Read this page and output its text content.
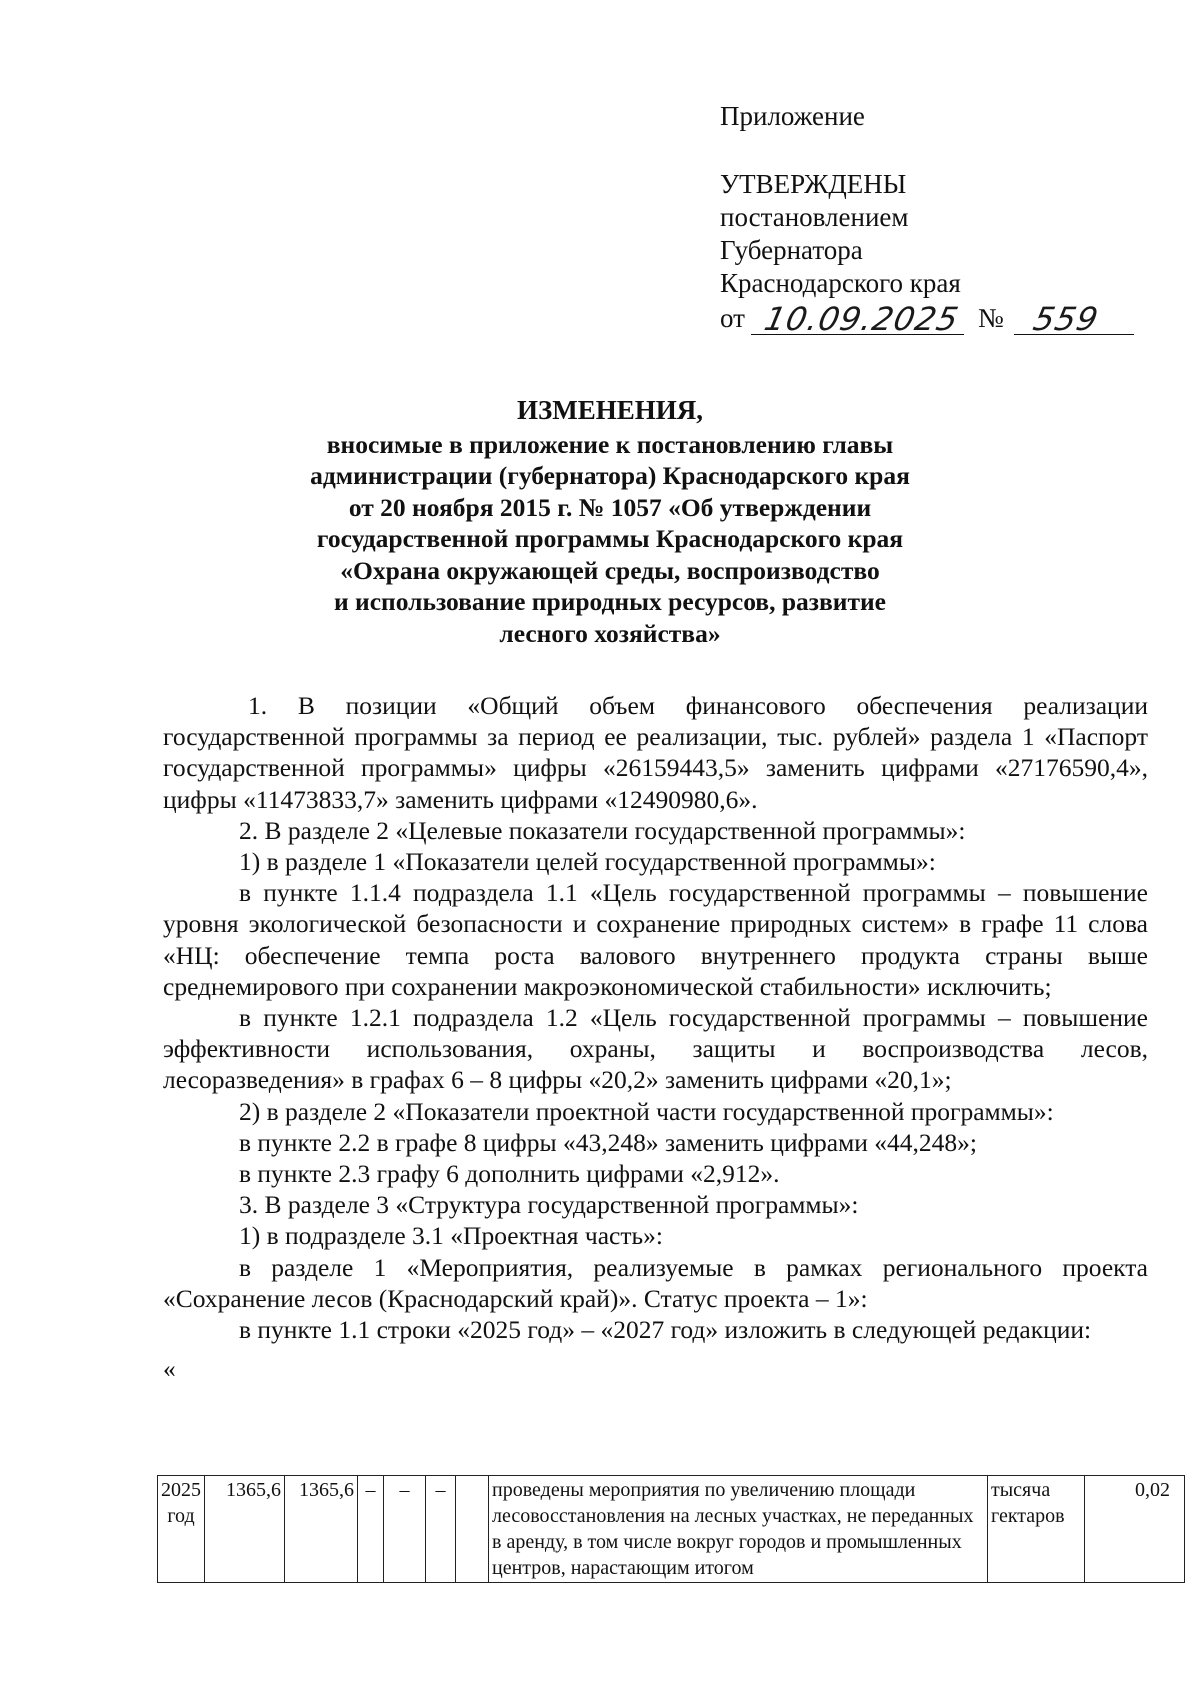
Приложение
УТВЕРЖДЕНЫ
постановлением
Губернатора
Краснодарского края
от 10.09.2025 № 559
ИЗМЕНЕНИЯ,
вносимые в приложение к постановлению главы
администрации (губернатора) Краснодарского края
от 20 ноября 2015 г. № 1057 «Об утверждении
государственной программы Краснодарского края
«Охрана окружающей среды, воспроизводство
и использование природных ресурсов, развитие
лесного хозяйства»

1. В позиции «Общий объем финансового обеспечения реализации государственной программы за период ее реализации, тыс. рублей» раздела 1 «Паспорт государственной программы» цифры «26159443,5» заменить цифрами «27176590,4», цифры «11473833,7» заменить цифрами «12490980,6».

2. В разделе 2 «Целевые показатели государственной программы»:

1) в разделе 1 «Показатели целей государственной программы»:

в пункте 1.1.4 подраздела 1.1 «Цель государственной программы – повышение уровня экологической безопасности и сохранение природных систем» в графе 11 слова «НЦ: обеспечение темпа роста валового внутреннего продукта страны выше среднемирового при сохранении макроэкономической стабильности» исключить;

в пункте 1.2.1 подраздела 1.2 «Цель государственной программы – повышение эффективности использования, охраны, защиты и воспроизводства лесов, лесоразведения» в графах 6 – 8 цифры «20,2» заменить цифрами «20,1»;

2) в разделе 2 «Показатели проектной части государственной программы»:

в пункте 2.2 в графе 8 цифры «43,248» заменить цифрами «44,248»;

в пункте 2.3 графу 6 дополнить цифрами «2,912».

3. В разделе 3 «Структура государственной программы»:

1) в подразделе 3.1 «Проектная часть»:

в разделе 1 «Мероприятия, реализуемые в рамках регионального проекта «Сохранение лесов (Краснодарский край)». Статус проекта – 1»:

в пункте 1.1 строки «2025 год» – «2027 год» изложить в следующей редакции:

«

2025
год	1365,6	1365,6	–	–	–		проведены мероприятия по увеличению площади лесовосстановления на лесных участках, не переданных в аренду, в том числе вокруг городов и промышленных центров, нарастающим итогом	тысяча гектаров	0,02
